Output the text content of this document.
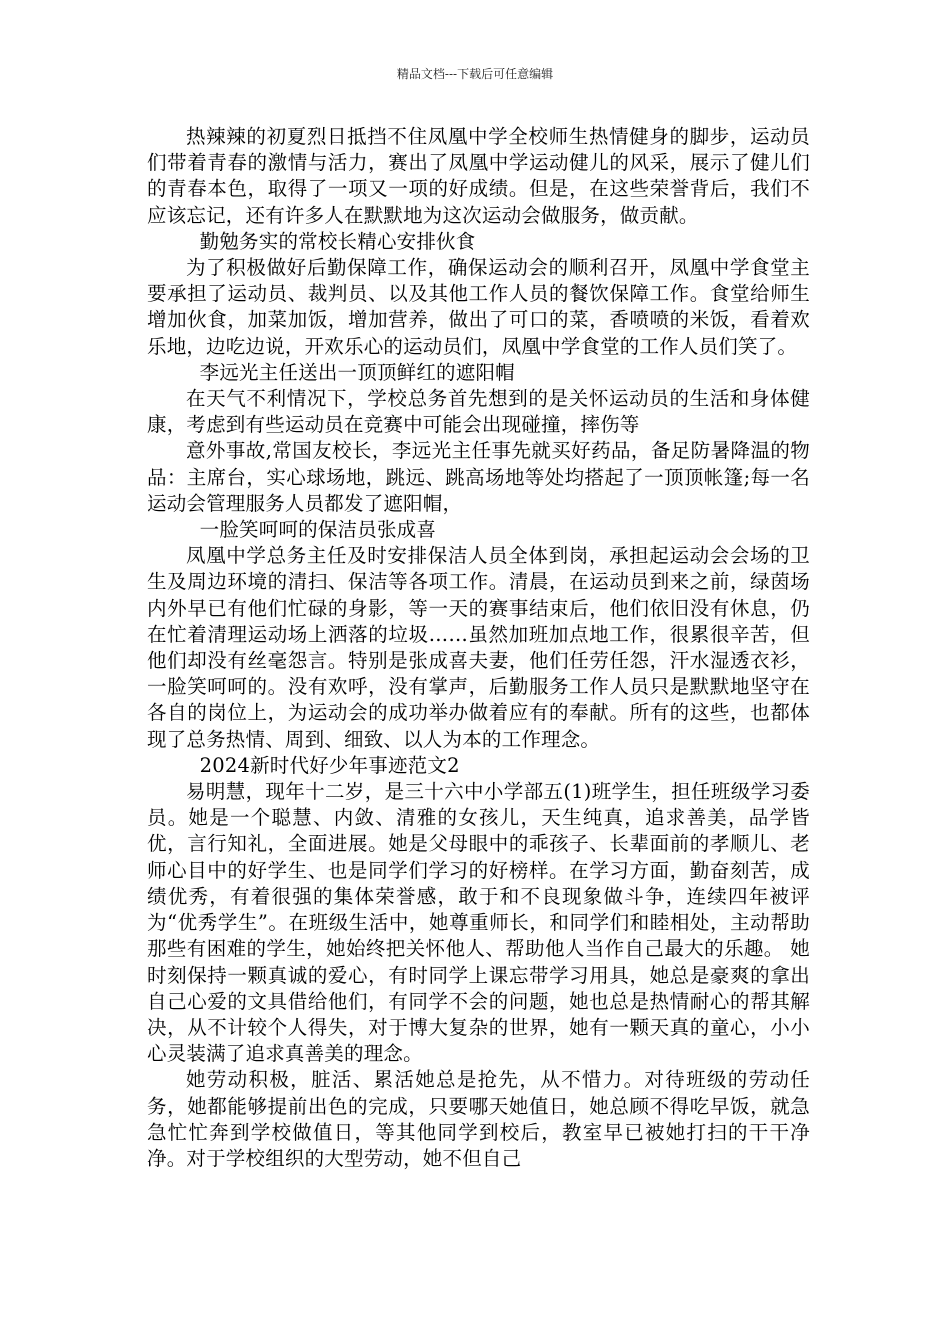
精品文档---下载后可任意编辑

热辣辣的初夏烈日抵挡不住凤凰中学全校师生热情健身的脚步，运动员们带着青春的激情与活力，赛出了凤凰中学运动健儿的风采，展示了健儿们的青春本色，取得了一项又一项的好成绩。但是，在这些荣誉背后，我们不应该忘记，还有许多人在默默地为这次运动会做服务，做贡献。

勤勉务实的常校长精心安排伙食

为了积极做好后勤保障工作，确保运动会的顺利召开，凤凰中学食堂主要承担了运动员、裁判员、以及其他工作人员的餐饮保障工作。食堂给师生增加伙食，加菜加饭，增加营养，做出了可口的菜，香喷喷的米饭，看着欢乐地，边吃边说，开欢乐心的运动员们，凤凰中学食堂的工作人员们笑了。

李远光主任送出一顶顶鲜红的遮阳帽

在天气不利情况下，学校总务首先想到的是关怀运动员的生活和身体健康，考虑到有些运动员在竞赛中可能会出现碰撞，摔伤等

意外事故,常国友校长，李远光主任事先就买好药品，备足防暑降温的物品：主席台，实心球场地，跳远、跳高场地等处均搭起了一顶顶帐篷;每一名运动会管理服务人员都发了遮阳帽，

一脸笑呵呵的保洁员张成喜

凤凰中学总务主任及时安排保洁人员全体到岗，承担起运动会会场的卫生及周边环境的清扫、保洁等各项工作。清晨，在运动员到来之前，绿茵场内外早已有他们忙碌的身影，等一天的赛事结束后，他们依旧没有休息，仍在忙着清理运动场上洒落的垃圾……虽然加班加点地工作，很累很辛苦，但他们却没有丝毫怨言。特别是张成喜夫妻，他们任劳任怨，汗水湿透衣衫，一脸笑呵呵的。没有欢呼，没有掌声，后勤服务工作人员只是默默地坚守在各自的岗位上，为运动会的成功举办做着应有的奉献。所有的这些，也都体现了总务热情、周到、细致、以人为本的工作理念。

2024新时代好少年事迹范文2

易明慧，现年十二岁，是三十六中小学部五(1)班学生，担任班级学习委员。她是一个聪慧、内敛、清雅的女孩儿，天生纯真，追求善美，品学皆优，言行知礼，全面进展。她是父母眼中的乖孩子、长辈面前的孝顺儿、老师心目中的好学生、也是同学们学习的好榜样。在学习方面，勤奋刻苦，成绩优秀，有着很强的集体荣誉感，敢于和不良现象做斗争，连续四年被评为“优秀学生”。在班级生活中，她尊重师长，和同学们和睦相处，主动帮助那些有困难的学生，她始终把关怀他人、帮助他人当作自己最大的乐趣。 她时刻保持一颗真诚的爱心，有时同学上课忘带学习用具，她总是豪爽的拿出自己心爱的文具借给他们，有同学不会的问题，她也总是热情耐心的帮其解决，从不计较个人得失，对于博大复杂的世界，她有一颗天真的童心，小小心灵装满了追求真善美的理念。

她劳动积极，脏活、累活她总是抢先，从不惜力。对待班级的劳动任务，她都能够提前出色的完成，只要哪天她值日，她总顾不得吃早饭，就急急忙忙奔到学校做值日，等其他同学到校后，教室早已被她打扫的干干净净。对于学校组织的大型劳动，她不但自己
